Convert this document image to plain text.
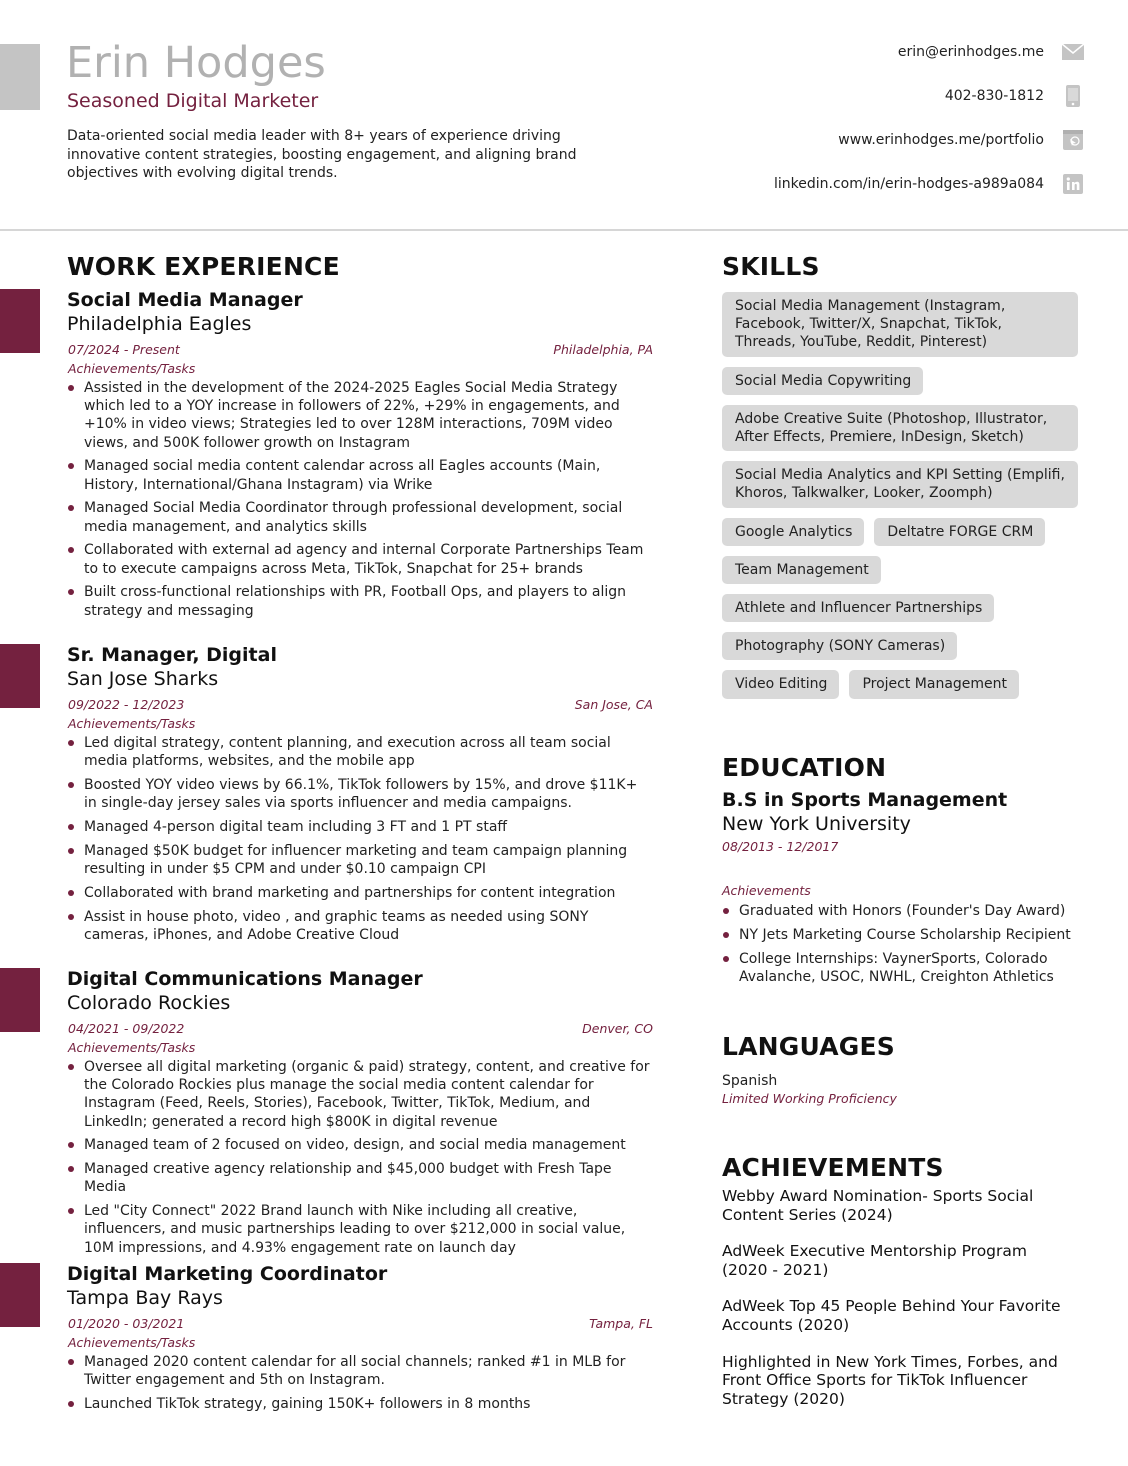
Erin Hodges
Seasoned Digital Marketer
Data-oriented social media leader with 8+ years of experience driving innovative content strategies, boosting engagement, and aligning brand objectives with evolving digital trends.
erin@erinhodges.me
402-830-1812
www.erinhodges.me/portfolio
linkedin.com/in/erin-hodges-a989a084
WORK EXPERIENCE
Social Media Manager
Philadelphia Eagles
07/2024 - Present	Philadelphia, PA
Achievements/Tasks
Assisted in the development of the 2024-2025 Eagles Social Media Strategy which led to a YOY increase in followers of 22%, +29% in engagements, and +10% in video views; Strategies led to over 128M interactions, 709M video views, and 500K follower growth on Instagram
Managed social media content calendar across all Eagles accounts (Main, History, International/Ghana Instagram) via Wrike
Managed Social Media Coordinator through professional development, social media management, and analytics skills
Collaborated with external ad agency and internal Corporate Partnerships Team to to execute campaigns across Meta, TikTok, Snapchat for 25+ brands
Built cross-functional relationships with PR, Football Ops, and players to align strategy and messaging
Sr. Manager, Digital
San Jose Sharks
09/2022 - 12/2023	San Jose, CA
Achievements/Tasks
Led digital strategy, content planning, and execution across all team social media platforms, websites, and the mobile app
Boosted YOY video views by 66.1%, TikTok followers by 15%, and drove $11K+ in single-day jersey sales via sports influencer and media campaigns.
Managed 4-person digital team including 3 FT and 1 PT staff
Managed $50K budget for influencer marketing and team campaign planning resulting in under $5 CPM and under $0.10 campaign CPI
Collaborated with brand marketing and partnerships for content integration
Assist in house photo, video , and graphic teams as needed using SONY cameras, iPhones, and Adobe Creative Cloud
Digital Communications Manager
Colorado Rockies
04/2021 - 09/2022	Denver, CO
Achievements/Tasks
Oversee all digital marketing (organic & paid) strategy, content, and creative for the Colorado Rockies plus manage the social media content calendar for Instagram (Feed, Reels, Stories), Facebook, Twitter, TikTok, Medium, and LinkedIn; generated a record high $800K in digital revenue
Managed team of 2 focused on video, design, and social media management
Managed creative agency relationship and $45,000 budget with Fresh Tape Media
Led "City Connect" 2022 Brand launch with Nike including all creative, influencers, and music partnerships leading to over $212,000 in social value, 10M impressions, and 4.93% engagement rate on launch day
Digital Marketing Coordinator
Tampa Bay Rays
01/2020 - 03/2021	Tampa, FL
Achievements/Tasks
Managed 2020 content calendar for all social channels; ranked #1 in MLB for Twitter engagement and 5th on Instagram.
Launched TikTok strategy, gaining 150K+ followers in 8 months
SKILLS
Social Media Management (Instagram, Facebook, Twitter/X, Snapchat, TikTok, Threads, YouTube, Reddit, Pinterest)
Social Media Copywriting
Adobe Creative Suite (Photoshop, Illustrator, After Effects, Premiere, InDesign, Sketch)
Social Media Analytics and KPI Setting (Emplifi, Khoros, Talkwalker, Looker, Zoomph)
Google Analytics	Deltatre FORGE CRM
Team Management
Athlete and Influencer Partnerships
Photography (SONY Cameras)
Video Editing	Project Management
EDUCATION
B.S in Sports Management
New York University
08/2013 - 12/2017
Achievements
Graduated with Honors (Founder's Day Award)
NY Jets Marketing Course Scholarship Recipient
College Internships: VaynerSports, Colorado Avalanche, USOC, NWHL, Creighton Athletics
LANGUAGES
Spanish
Limited Working Proficiency
ACHIEVEMENTS
Webby Award Nomination- Sports Social Content Series (2024)
AdWeek Executive Mentorship Program
(2020 - 2021)
AdWeek Top 45 People Behind Your Favorite Accounts (2020)
Highlighted in New York Times, Forbes, and Front Office Sports for TikTok Influencer Strategy (2020)
